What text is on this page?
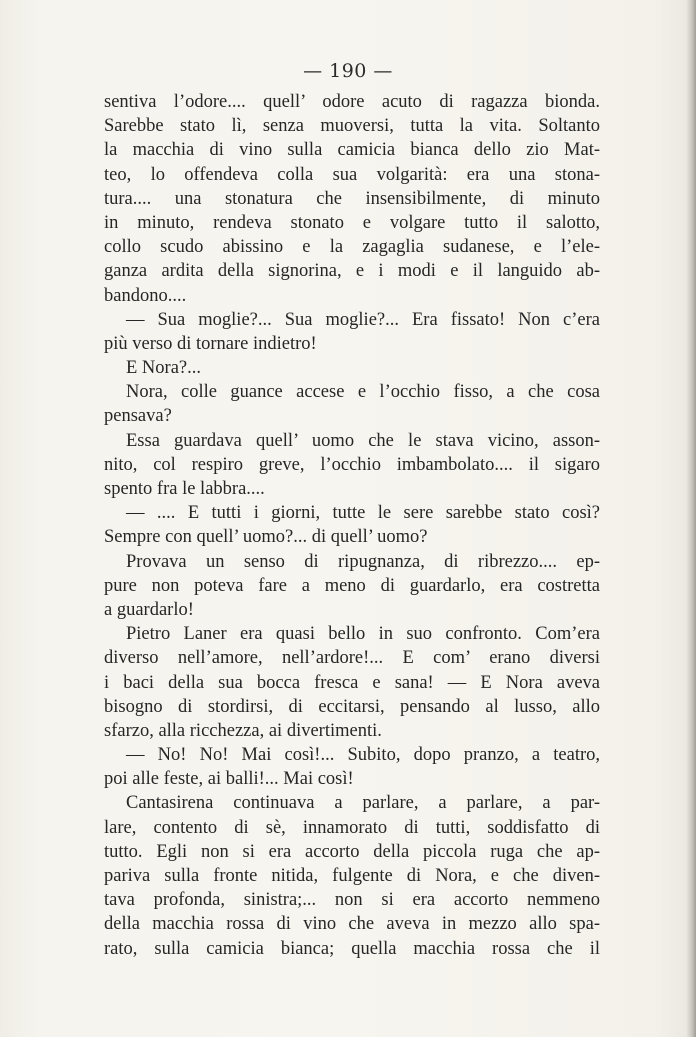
— 190 —
sentiva l’odore.... quell’ odore acuto di ragazza bionda.
Sarebbe stato lì, senza muoversi, tutta la vita. Soltanto
la macchia di vino sulla camicia bianca dello zio Mat-
teo, lo offendeva colla sua volgarità: era una stona-
tura.... una stonatura che insensibilmente, di minuto
in minuto, rendeva stonato e volgare tutto il salotto,
collo scudo abissino e la zagaglia sudanese, e l’ele-
ganza ardita della signorina, e i modi e il languido ab-
bandono....
— Sua moglie?... Sua moglie?... Era fissato! Non c’era
più verso di tornare indietro!
E Nora?...
Nora, colle guance accese e l’occhio fisso, a che cosa
pensava?
Essa guardava quell’ uomo che le stava vicino, asson-
nito, col respiro greve, l’occhio imbambolato.... il sigaro
spento fra le labbra....
— .... E tutti i giorni, tutte le sere sarebbe stato così?
Sempre con quell’ uomo?... di quell’ uomo?
Provava un senso di ripugnanza, di ribrezzo.... ep-
pure non poteva fare a meno di guardarlo, era costretta
a guardarlo!
Pietro Laner era quasi bello in suo confronto. Com’era
diverso nell’amore, nell’ardore!... E com’ erano diversi
i baci della sua bocca fresca e sana! — E Nora aveva
bisogno di stordirsi, di eccitarsi, pensando al lusso, allo
sfarzo, alla ricchezza, ai divertimenti.
— No! No! Mai così!... Subito, dopo pranzo, a teatro,
poi alle feste, ai balli!... Mai così!
Cantasirena continuava a parlare, a parlare, a par-
lare, contento di sè, innamorato di tutti, soddisfatto di
tutto. Egli non si era accorto della piccola ruga che ap-
pariva sulla fronte nitida, fulgente di Nora, e che diven-
tava profonda, sinistra;... non si era accorto nemmeno
della macchia rossa di vino che aveva in mezzo allo spa-
rato, sulla camicia bianca; quella macchia rossa che il
